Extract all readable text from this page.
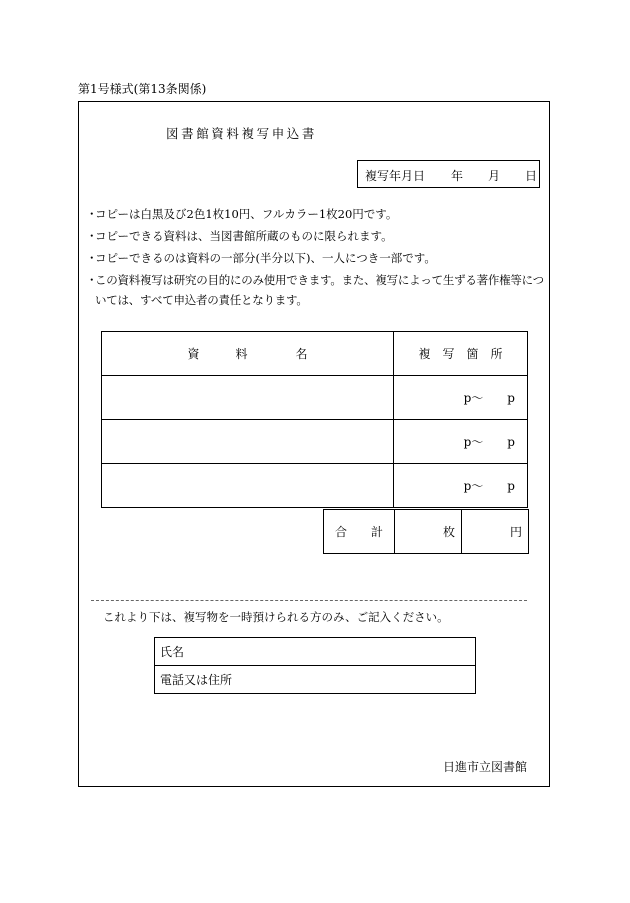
第1号様式(第13条関係)
図書館資料複写申込書
複写年月日 年 月 日
・
コピーは白黒及び2色1枚10円、フルカラー1枚20円です。
・
コピーできる資料は、当図書館所蔵のものに限られます。
・
コピーできるのは資料の一部分(半分以下)、一人につき一部です。
・
この資料複写は研究の目的にのみ使用できます。また、複写によって生ずる著作権等については、すべて申込者の責任となります。
資　　　料　　　　名	複　写　箇　所
	p〜　　p
	p〜　　p
	p〜　　p
合　　計	枚	円
これより下は、複写物を一時預けられる方のみ、ご記入ください。
氏名
電話又は住所
日進市立図書館
